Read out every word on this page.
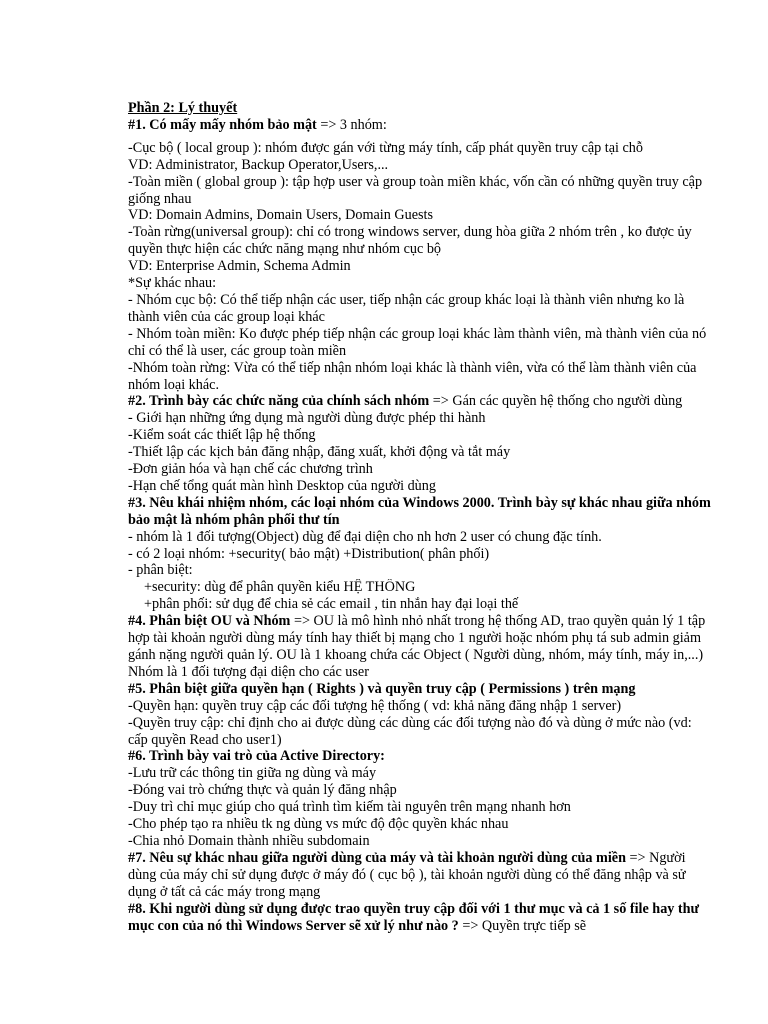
Phần 2: Lý thuyết
#1. Có mấy mấy nhóm bảo mật => 3 nhóm:
-Cục bộ ( local group ): nhóm được gán với từng máy tính, cấp phát quyền truy cập tại chỗ
VD: Administrator, Backup Operator,Users,...
-Toàn miền ( global group ): tập hợp user và group toàn miền khác, vốn cần có những quyền truy cập giống nhau
VD: Domain Admins, Domain Users, Domain Guests
-Toàn rừng(universal group): chỉ có trong windows server, dung hòa giữa 2 nhóm trên , ko được ủy quyền thực hiện các chức năng mạng như nhóm cục bộ
VD: Enterprise Admin, Schema Admin
*Sự khác nhau:
- Nhóm cục bộ: Có thể tiếp nhận các user, tiếp nhận các group khác loại là thành viên nhưng ko là thành viên của các group loại khác
- Nhóm toàn miền: Ko được phép tiếp nhận các group loại khác làm thành viên, mà thành viên của nó chỉ có thể là user, các group toàn miền
-Nhóm toàn rừng: Vừa có thể tiếp nhận nhóm loại khác là thành viên, vừa có thể làm thành viên của nhóm loại khác.
#2. Trình bày các chức năng của chính sách nhóm => Gán các quyền hệ thống cho người dùng
- Giới hạn những ứng dụng mà người dùng được phép thi hành
-Kiểm soát các thiết lập hệ thống
-Thiết lập các kịch bản đăng nhập, đăng xuất, khởi động và tắt máy
-Đơn giản hóa và hạn chế các chương trình
-Hạn chế tổng quát màn hình Desktop của người dùng
#3. Nêu khái nhiệm nhóm, các loại nhóm của Windows 2000. Trình bày sự khác nhau giữa nhóm bảo mật là nhóm phân phối thư tín
- nhóm là 1 đối tượng(Object) dùg để đại diện cho nh hơn 2 user có chung đặc tính.
- có 2 loại nhóm: +security( bảo mật) +Distribution( phân phối)
- phân biệt:
+security: dùg để phân quyền kiểu HỆ THỐNG
+phân phối: sử dụg để chia sẻ các email , tin nhắn hay đại loại thế
#4. Phân biệt OU và Nhóm => OU là mô hình nhỏ nhất trong hệ thống AD, trao quyền quản lý 1 tập hợp tài khoản người dùng máy tính hay thiết bị mạng cho 1 người hoặc nhóm phụ tá sub admin giảm gánh nặng người quản lý. OU là 1 khoang chứa các Object ( Người dùng, nhóm, máy tính, máy in,...) Nhóm là 1 đối tượng đại diện cho các user
#5. Phân biệt giữa quyền hạn ( Rights ) và quyền truy cập ( Permissions ) trên mạng
-Quyền hạn: quyền truy cập các đối tượng hệ thống ( vd: khả năng đăng nhập 1 server)
-Quyền truy cập: chỉ định cho ai được dùng các dùng các đối tượng nào đó và dùng ở mức nào (vd: cấp quyền Read cho user1)
#6. Trình bày vai trò của Active Directory:
-Lưu trữ các thông tin giữa ng dùng và máy
-Đóng vai trò chứng thực và quản lý đăng nhập
-Duy trì chỉ mục giúp cho quá trình tìm kiếm tài nguyên trên mạng nhanh hơn
-Cho phép tạo ra nhiều tk ng dùng vs mức độ độc quyền khác nhau
-Chia nhỏ Domain thành nhiều subdomain
#7. Nêu sự khác nhau giữa người dùng của máy và tài khoản người dùng của miền => Người dùng của máy chỉ sử dụng được ở máy đó ( cục bộ ), tài khoản người dùng có thể đăng nhập và sử dụng ở tất cả các máy trong mạng
#8. Khi người dùng sử dụng được trao quyền truy cập đối với 1 thư mục và cả 1 số file hay thư mục con của nó thì Windows Server sẽ xử lý như nào ? => Quyền trực tiếp sẽ
